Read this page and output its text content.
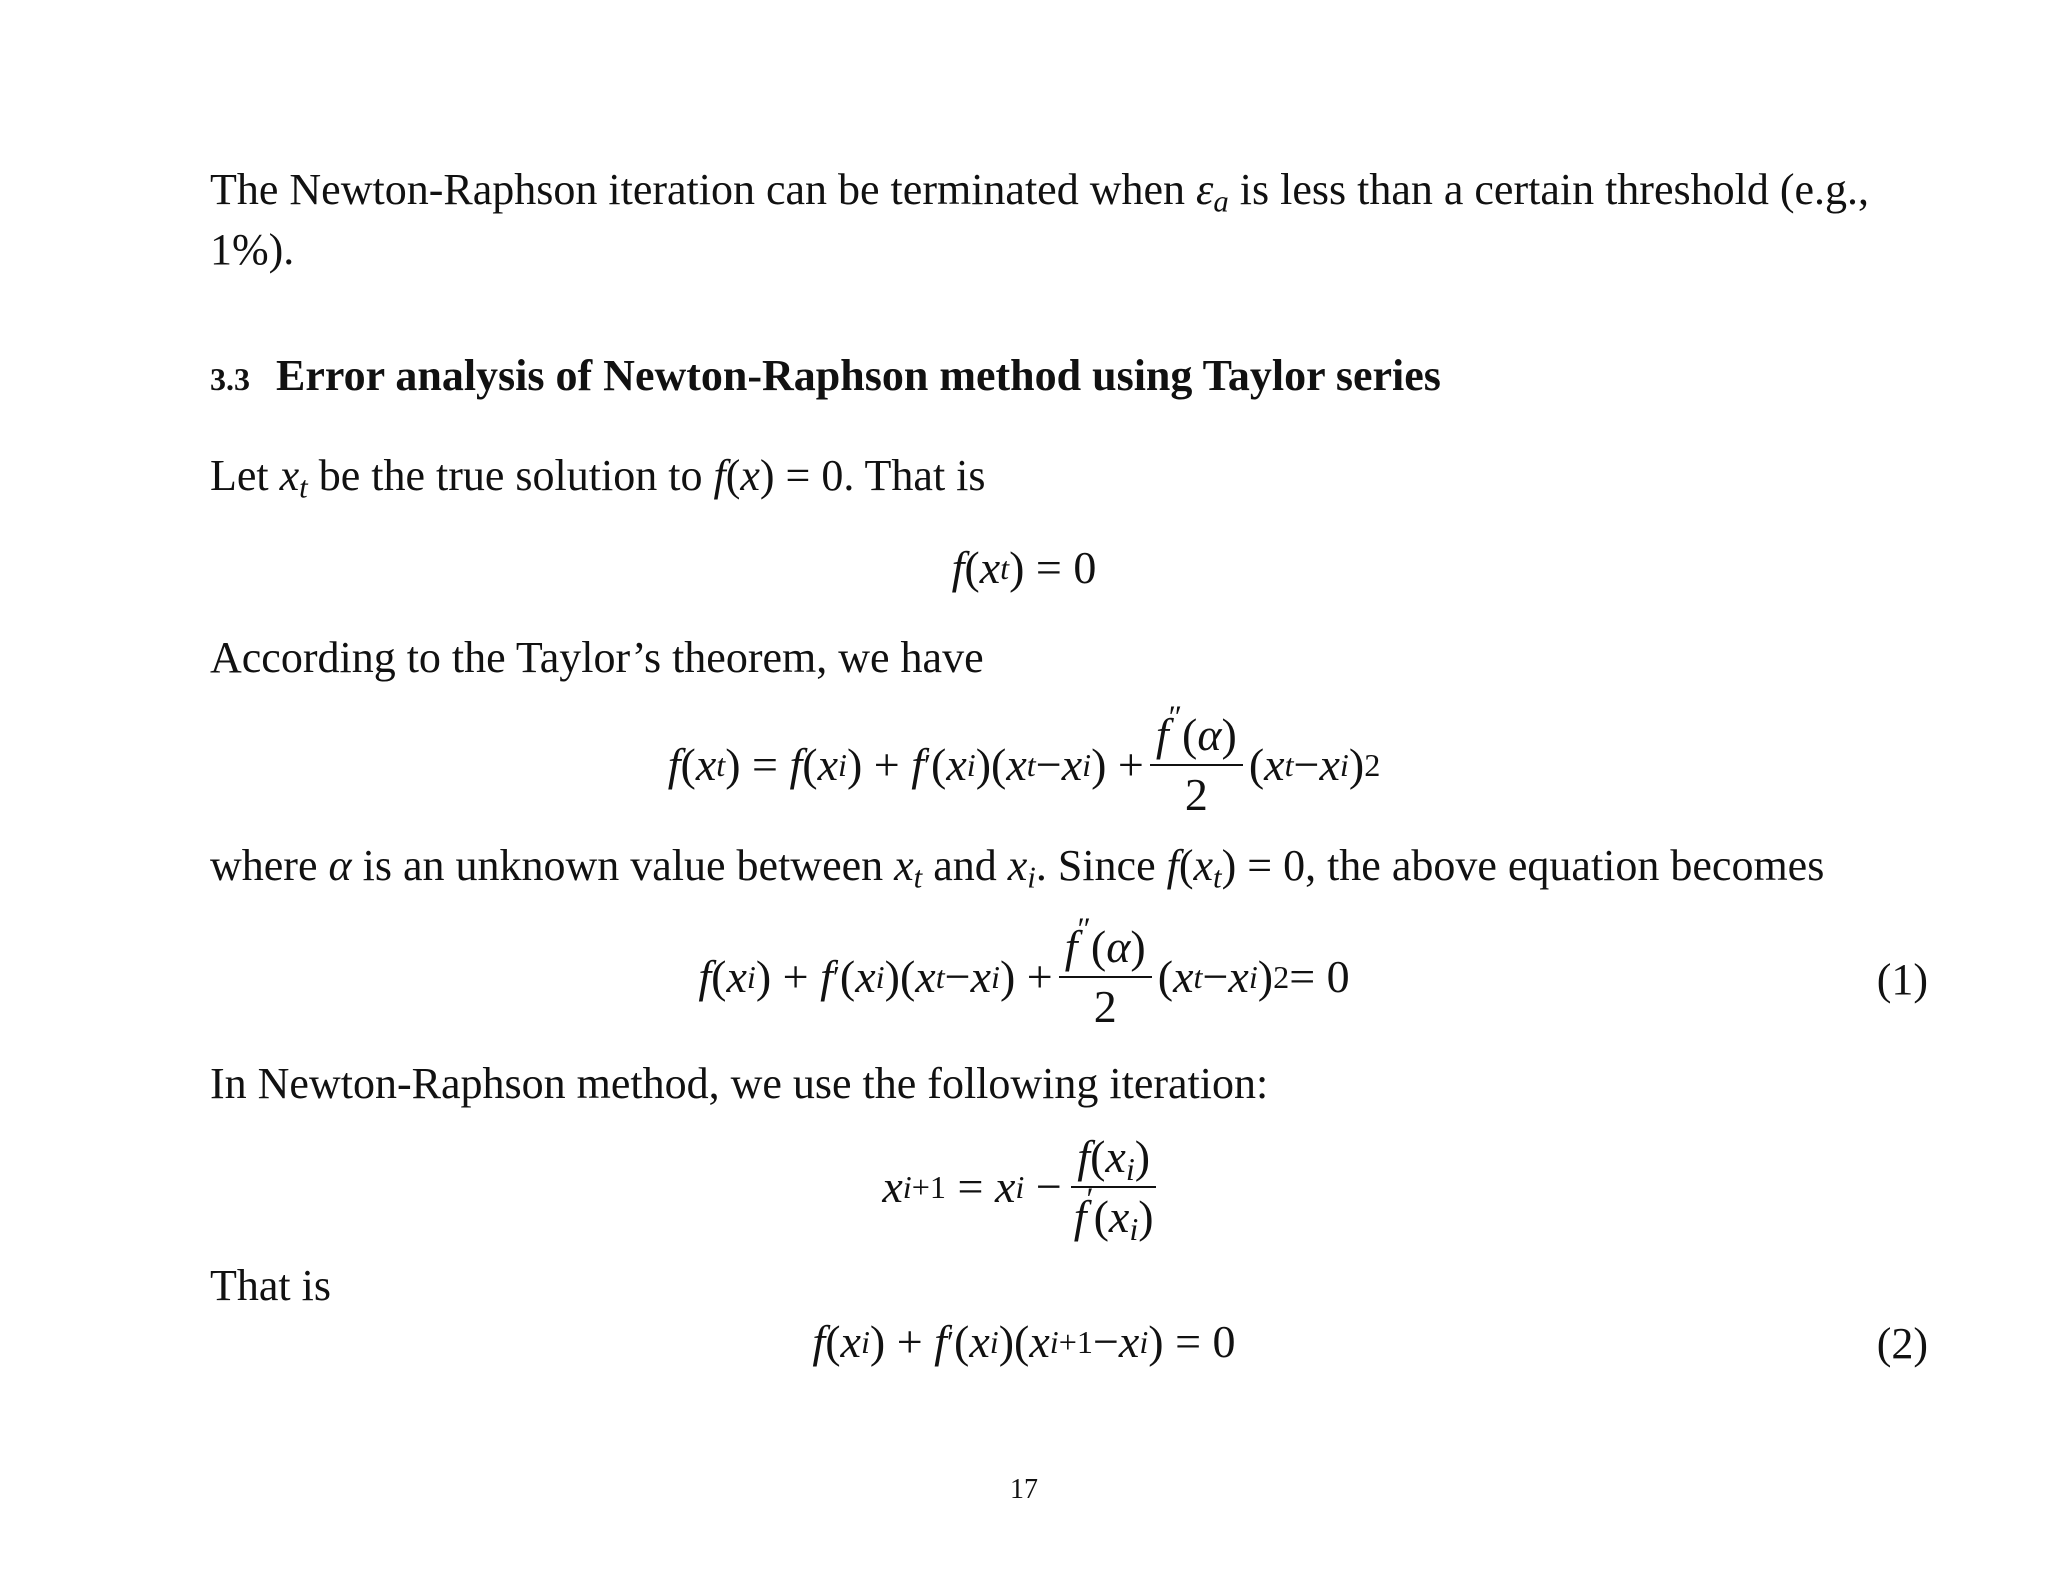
The Newton-Raphson iteration can be terminated when $\varepsilon_a$ is less than a certain threshold (e.g., 1%).
3.3 Error analysis of Newton-Raphson method using Taylor series
Let $x_t$ be the true solution to f(x) = 0. That is
f ( x t ) = 0
According to the Taylor’s theorem, we have
f ( x t ) = f ( x i ) + f ′ ( x i )( x t − x i ) + $\frac{f''(\alpha)}{2}$ ( x t − x i ) 2
where α is an unknown value between $x_t$ and $x_i$. Since $f(x_t) = 0$, the above equation becomes
f ( x i ) + f ′ ( x i )( x t − x i ) + $\frac{f''(\alpha)}{2}$ ( x t − x i ) 2 = 0	(1)
In Newton-Raphson method, we use the following iteration:
x i+1 = x $i - \frac{f(x_i)}{f'(x_i)}$
That is
f ( x i ) + f ′ ( x i )( x i+1 − x i ) = 0	(2)
17
